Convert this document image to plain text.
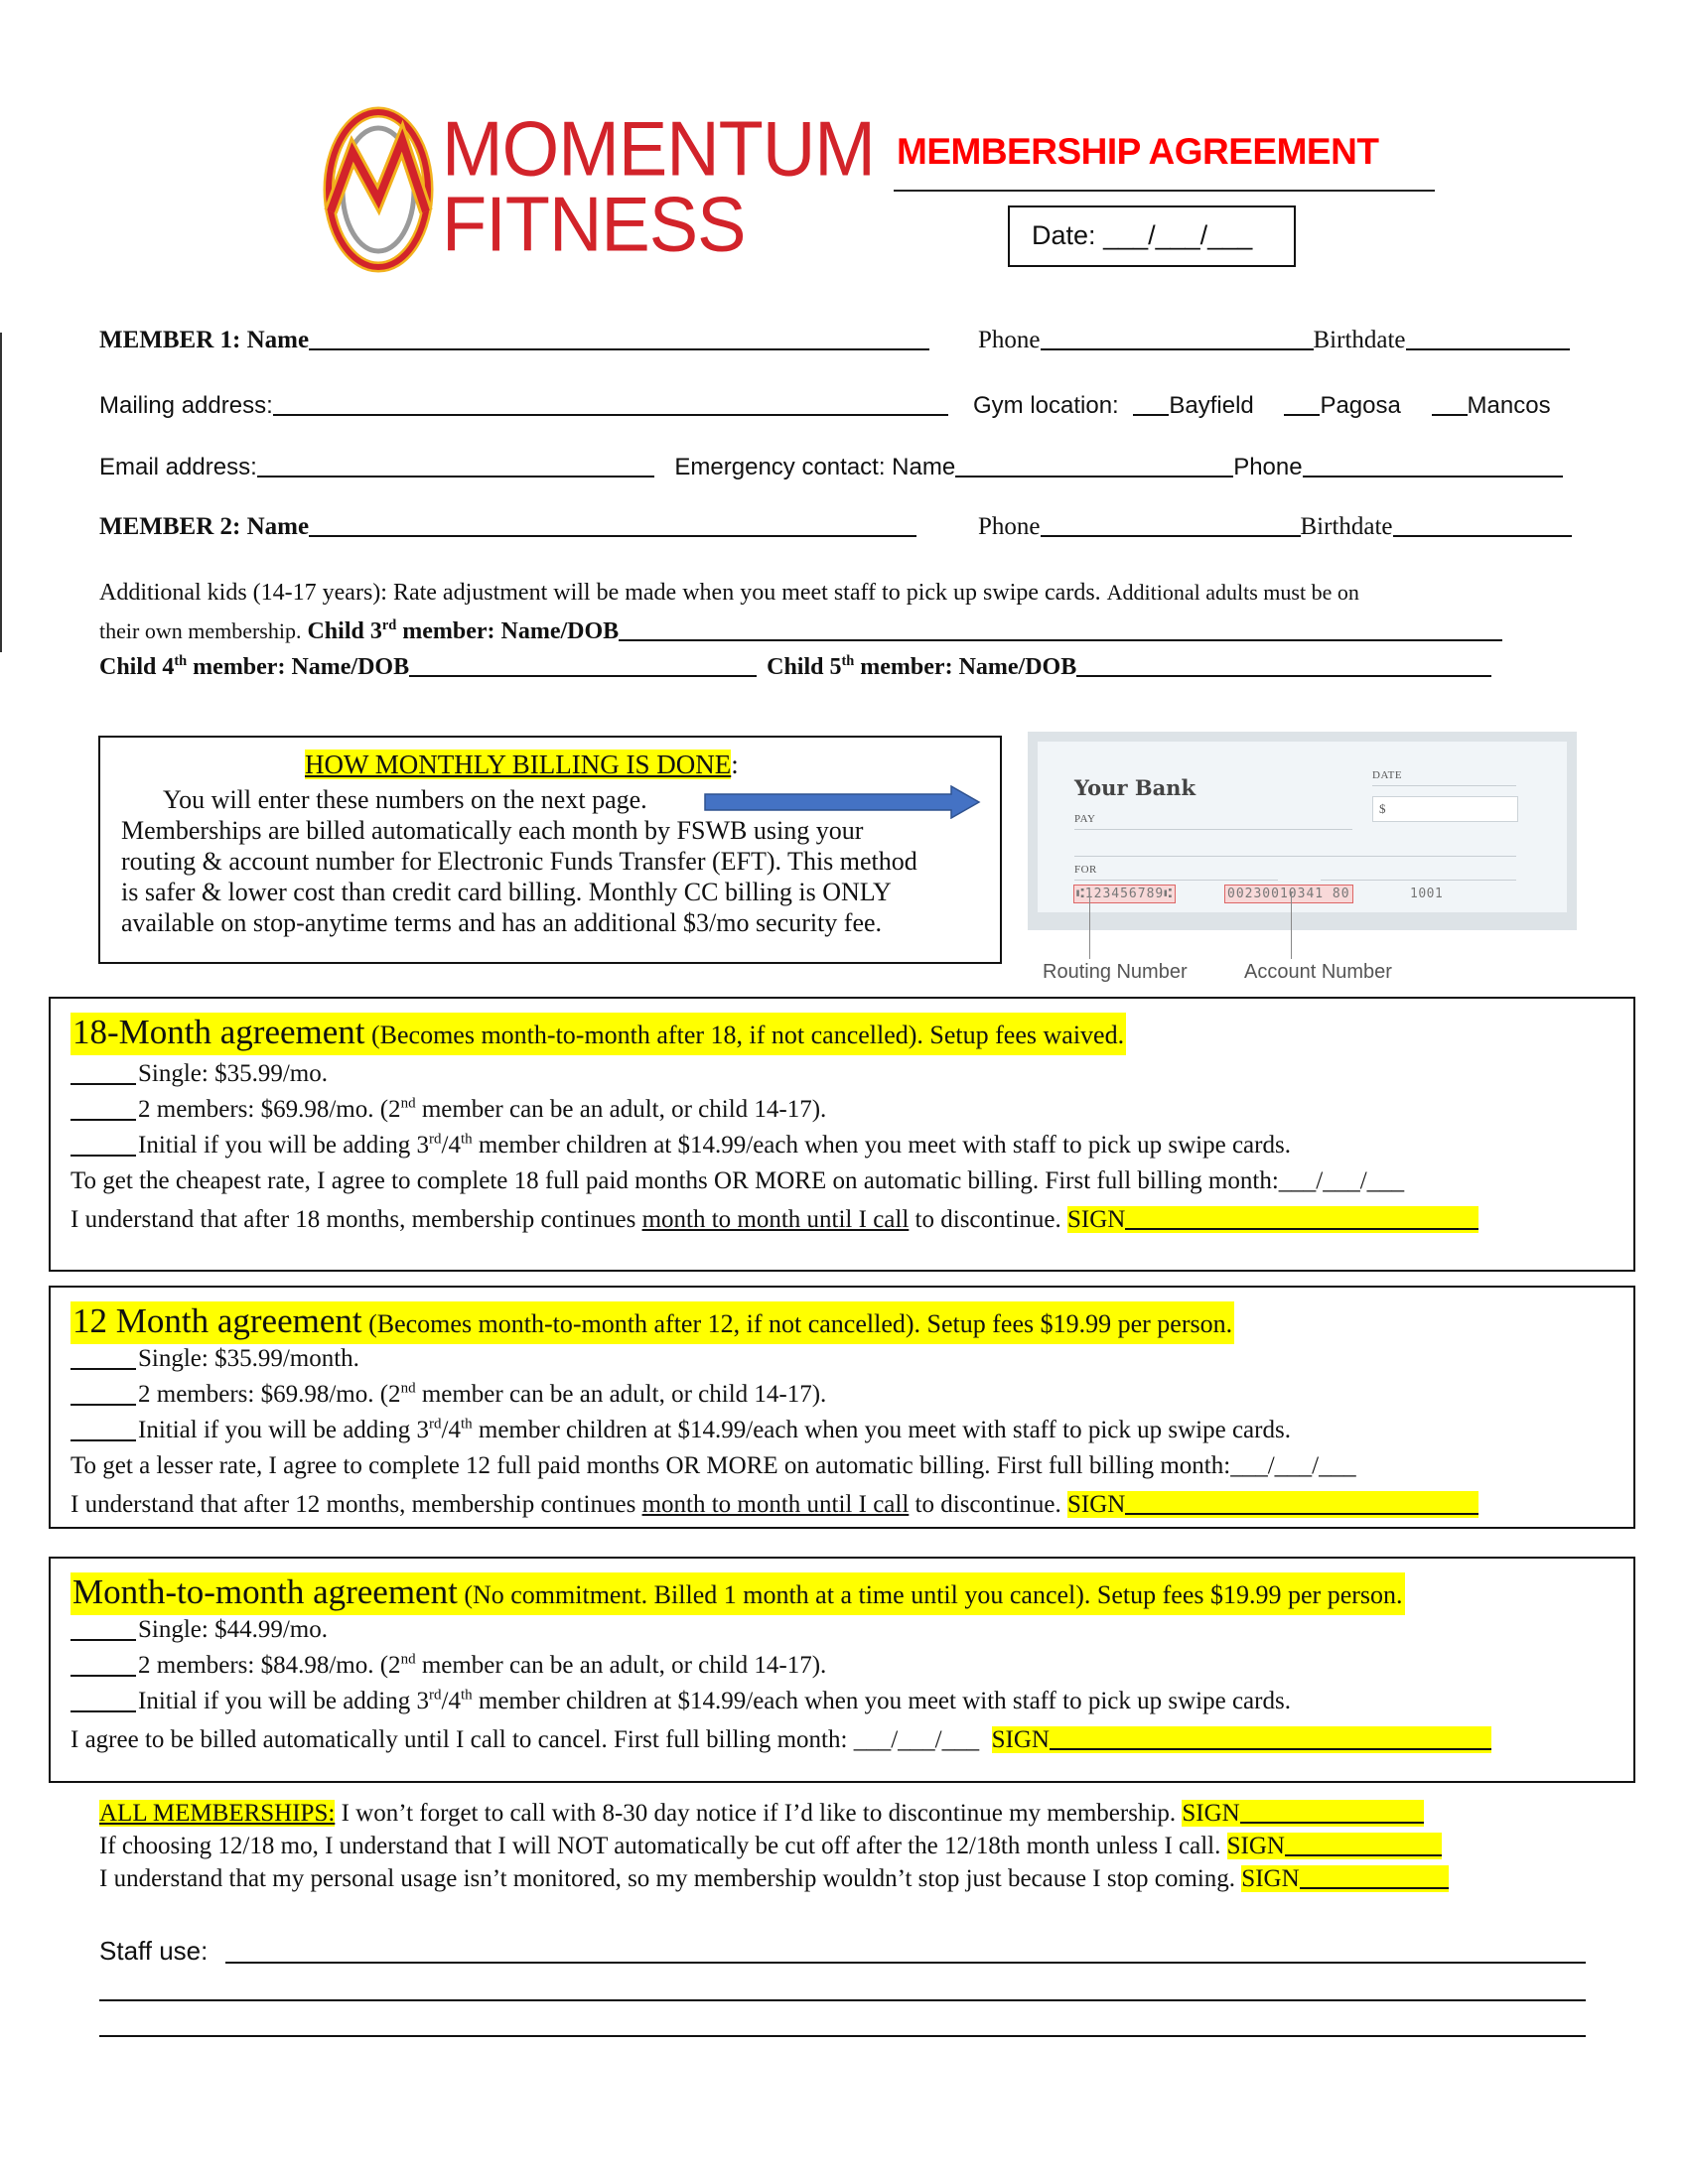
MOMENTUM
FITNESS
MEMBERSHIP AGREEMENT
Date: ___/___/___
MEMBER 1: Name	Phone	Birthdate
Mailing address:	Gym location: Bayfield	Pagosa	Mancos
Email address:	Emergency contact: Name	Phone
MEMBER 2: Name	Phone	Birthdate
Additional kids (14-17 years): Rate adjustment will be made when you meet staff to pick up swipe cards. Additional adults must be on
their own membership. Child 3rd member: Name/DOB
Child 4th member: Name/DOB	Child 5th member: Name/DOB
HOW MONTHLY BILLING IS DONE:
You will enter these numbers on the next page.
Memberships are billed automatically each month by FSWB using your
routing & account number for Electronic Funds Transfer (EFT). This method
is safer & lower cost than credit card billing. Monthly CC billing is ONLY
available on stop-anytime terms and has an additional $3/mo security fee.
Your Bank
PAY
DATE
$
FOR
⑆123456789⑆	00230010341 80	1001
Routing Number	Account Number
18-Month agreement (Becomes month-to-month after 18, if not cancelled). Setup fees waived.
Single: $35.99/mo.
2 members: $69.98/mo. (2nd member can be an adult, or child 14-17).
Initial if you will be adding 3rd/4th member children at $14.99/each when you meet with staff to pick up swipe cards.
To get the cheapest rate, I agree to complete 18 full paid months OR MORE on automatic billing. First full billing month:___/___/___
I understand that after 18 months, membership continues month to month until I call to discontinue. SIGN
12 Month agreement (Becomes month-to-month after 12, if not cancelled). Setup fees $19.99 per person.
Single: $35.99/month.
2 members: $69.98/mo. (2nd member can be an adult, or child 14-17).
Initial if you will be adding 3rd/4th member children at $14.99/each when you meet with staff to pick up swipe cards.
To get a lesser rate, I agree to complete 12 full paid months OR MORE on automatic billing. First full billing month:___/___/___
I understand that after 12 months, membership continues month to month until I call to discontinue. SIGN
Month-to-month agreement (No commitment. Billed 1 month at a time until you cancel). Setup fees $19.99 per person.
Single: $44.99/mo.
2 members: $84.98/mo. (2nd member can be an adult, or child 14-17).
Initial if you will be adding 3rd/4th member children at $14.99/each when you meet with staff to pick up swipe cards.
I agree to be billed automatically until I call to cancel. First full billing month: ___/___/___ SIGN
ALL MEMBERSHIPS: I won’t forget to call with 8-30 day notice if I’d like to discontinue my membership. SIGN
If choosing 12/18 mo, I understand that I will NOT automatically be cut off after the 12/18th month unless I call. SIGN
I understand that my personal usage isn’t monitored, so my membership wouldn’t stop just because I stop coming. SIGN
Staff use:
